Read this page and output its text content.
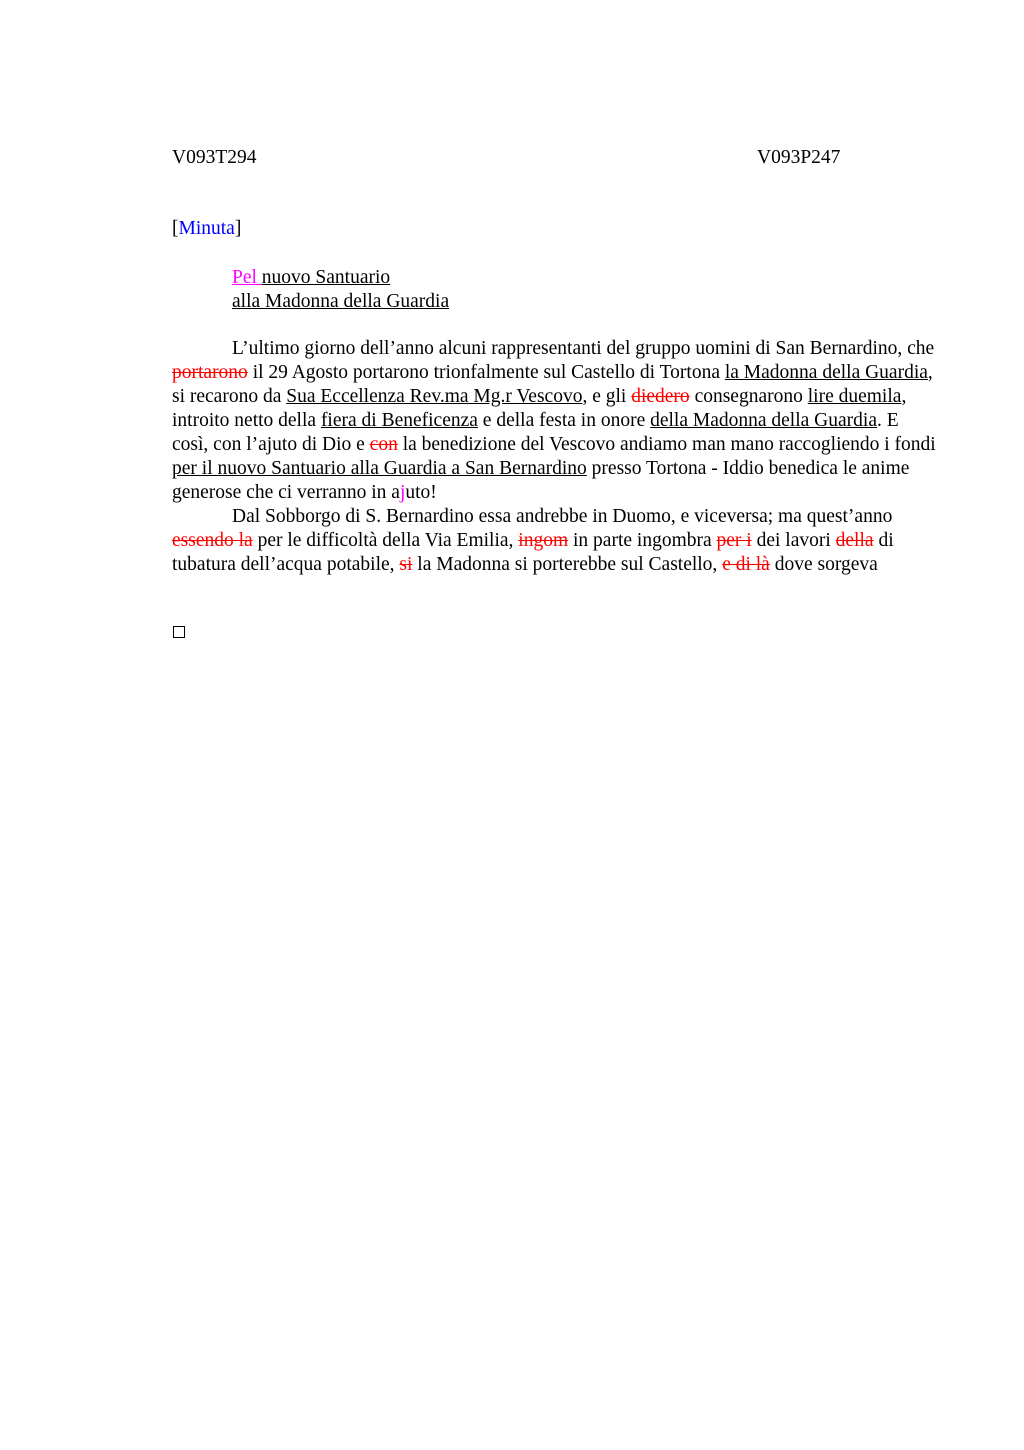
V093T294	V093P247
[Minuta]
Pel nuovo Santuario
alla Madonna della Guardia

L’ultimo giorno dell’anno alcuni rappresentanti del gruppo uomini di San Bernardino, che portarono il 29 Agosto portarono trionfalmente sul Castello di Tortona la Madonna della Guardia, si recarono da Sua Eccellenza Rev.ma Mg.r Vescovo, e gli diedero consegnarono lire duemila, introito netto della fiera di Beneficenza e della festa in onore della Madonna della Guardia. E così, con l’ajuto di Dio e con la benedizione del Vescovo andiamo man mano raccogliendo i fondi per il nuovo Santuario alla Guardia a San Bernardino presso Tortona - Iddio benedica le anime generose che ci verranno in ajuto!

Dal Sobborgo di S. Bernardino essa andrebbe in Duomo, e viceversa; ma quest’anno essendo la per le difficoltà della Via Emilia, ingom in parte ingombra per i dei lavori della di tubatura dell’acqua potabile, si la Madonna si porterebbe sul Castello, e di là dove sorgeva
